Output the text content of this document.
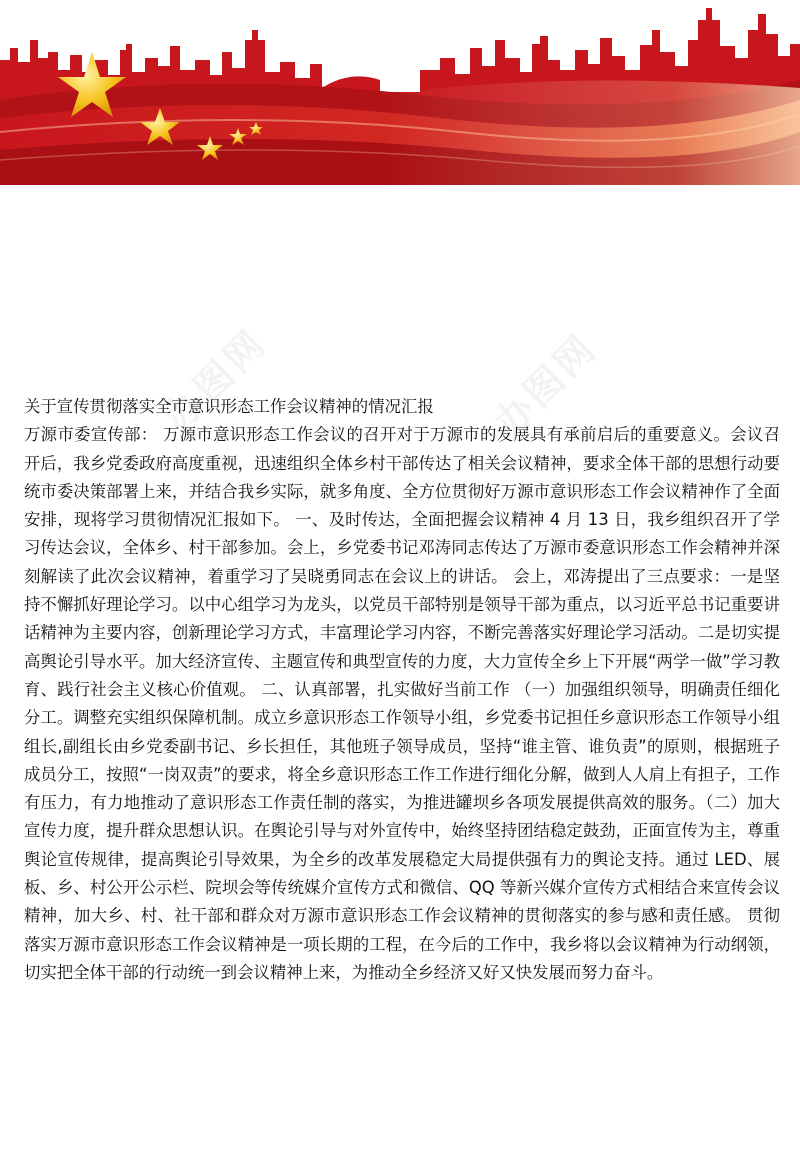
办图网	办图网

关于宣传贯彻落实全市意识形态工作会议精神的情况汇报

万源市委宣传部： 万源市意识形态工作会议的召开对于万源市的发展具有承前启后的重要意义。会议召开后，我乡党委政府高度重视，迅速组织全体乡村干部传达了相关会议精神，要求全体干部的思想行动要统市委决策部署上来，并结合我乡实际，就多角度、全方位贯彻好万源市意识形态工作会议精神作了全面安排，现将学习贯彻情况汇报如下。 一、及时传达，全面把握会议精神 4 月 13 日，我乡组织召开了学习传达会议，全体乡、村干部参加。会上，乡党委书记邓涛同志传达了万源市委意识形态工作会精神并深刻解读了此次会议精神，着重学习了吴晓勇同志在会议上的讲话。 会上，邓涛提出了三点要求：一是坚持不懈抓好理论学习。以中心组学习为龙头，以党员干部特别是领导干部为重点，以习近平总书记重要讲话精神为主要内容，创新理论学习方式，丰富理论学习内容，不断完善落实好理论学习活动。二是切实提高舆论引导水平。加大经济宣传、主题宣传和典型宣传的力度，大力宣传全乡上下开展“两学一做”学习教育、践行社会主义核心价值观。 二、认真部署，扎实做好当前工作 （一）加强组织领导，明确责任细化分工。调整充实组织保障机制。成立乡意识形态工作领导小组，乡党委书记担任乡意识形态工作领导小组组长,副组长由乡党委副书记、乡长担任，其他班子领导成员，坚持“谁主管、谁负责”的原则，根据班子成员分工，按照“一岗双责”的要求，将全乡意识形态工作工作进行细化分解，做到人人肩上有担子，工作有压力，有力地推动了意识形态工作责任制的落实，为推进罐坝乡各项发展提供高效的服务。（二）加大宣传力度，提升群众思想认识。在舆论引导与对外宣传中，始终坚持团结稳定鼓劲，正面宣传为主，尊重舆论宣传规律，提高舆论引导效果，为全乡的改革发展稳定大局提供强有力的舆论支持。通过 LED、展板、乡、村公开公示栏、院坝会等传统媒介宣传方式和微信、QQ 等新兴媒介宣传方式相结合来宣传会议精神，加大乡、村、社干部和群众对万源市意识形态工作会议精神的贯彻落实的参与感和责任感。 贯彻落实万源市意识形态工作会议精神是一项长期的工程，在今后的工作中，我乡将以会议精神为行动纲领，切实把全体干部的行动统一到会议精神上来，为推动全乡经济又好又快发展而努力奋斗。
